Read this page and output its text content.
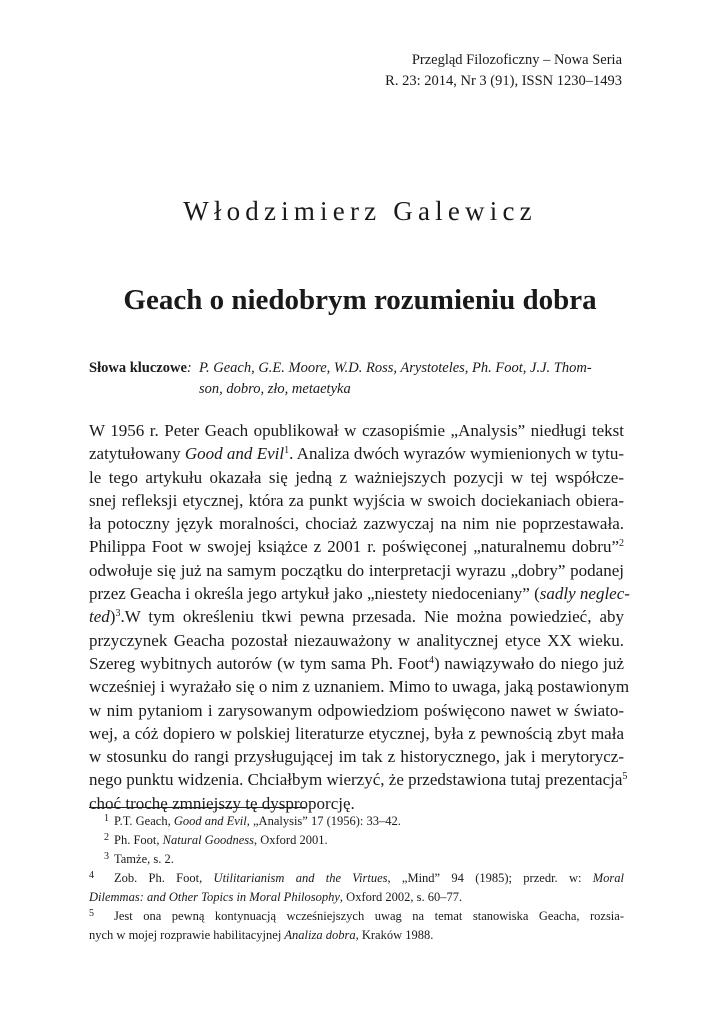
Przegląd Filozoficzny – Nowa Seria
R. 23: 2014, Nr 3 (91), ISSN 1230–1493
Włodzimierz Galewicz
Geach o niedobrym rozumieniu dobra
Słowa kluczowe: P. Geach, G.E. Moore, W.D. Ross, Arystoteles, Ph. Foot, J.J. Thom-
son, dobro, zło, metaetyka
W 1956 r. Peter Geach opublikował w czasopiśmie „Analysis” niedługi tekst
zatytułowany Good and Evil$^1$. Analiza dwóch wyrazów wymienionych w tytu-
le tego artykułu okazała się jedną z ważniejszych pozycji w tej współcze-
snej refleksji etycznej, która za punkt wyjścia w swoich dociekaniach obiera-
ła potoczny język moralności, chociaż zazwyczaj na nim nie poprzestawała.
Philippa Foot w swojej książce z 2001 r. poświęconej „naturalnemu dobru”$^2$
odwołuje się już na samym początku do interpretacji wyrazu „dobry” podanej
przez Geacha i określa jego artykuł jako „niestety niedoceniany” (sadly neglec-
ted)$^3$.W tym określeniu tkwi pewna przesada. Nie można powiedzieć, aby
przyczynek Geacha pozostał niezauważony w analitycznej etyce XX wieku.
Szereg wybitnych autorów (w tym sama Ph. Foot$^4$) nawiązywało do niego już
wcześniej i wyrażało się o nim z uznaniem. Mimo to uwaga, jaką postawionym
w nim pytaniom i zarysowanym odpowiedziom poświęcono nawet w świato-
wej, a cóż dopiero w polskiej literaturze etycznej, była z pewnością zbyt mała
w stosunku do rangi przysługującej im tak z historycznego, jak i merytorycz-
nego punktu widzenia. Chciałbym wierzyć, że przedstawiona tutaj prezentacja$^5$
choć trochę zmniejszy tę dysproporcję.
1 P.T. Geach, Good and Evil, „Analysis” 17 (1956): 33–42.
2 Ph. Foot, Natural Goodness, Oxford 2001.
3 Tamże, s. 2.
4 Zob. Ph. Foot, Utilitarianism and the Virtues, „Mind” 94 (1985); przedr. w: Moral
Dilemmas: and Other Topics in Moral Philosophy, Oxford 2002, s. 60–77.
5 Jest ona pewną kontynuacją wcześniejszych uwag na temat stanowiska Geacha, rozsia-
nych w mojej rozprawie habilitacyjnej Analiza dobra, Kraków 1988.
